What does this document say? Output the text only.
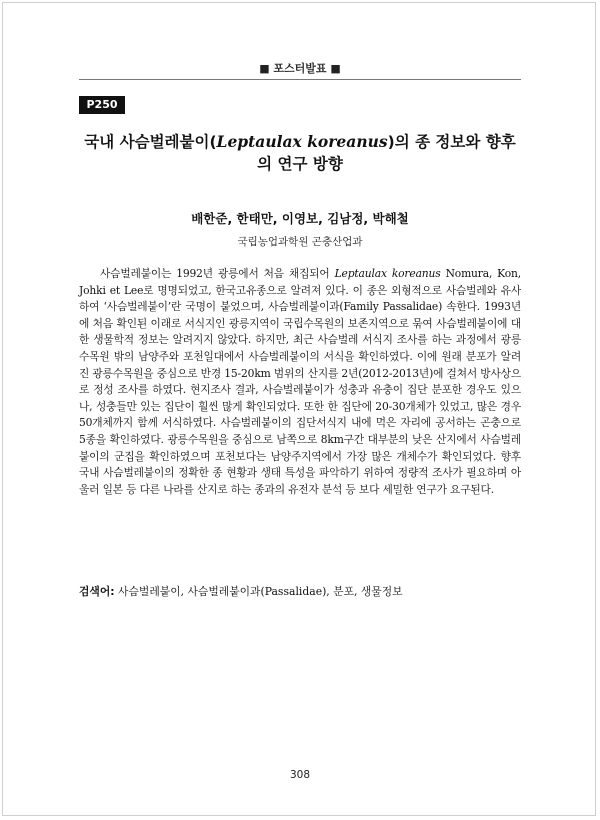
■ 포스터발표 ■
P250
국내 사슴벌레붙이(Leptaulax koreanus)의 종 정보와 향후의 연구 방향
배한준, 한태만, 이영보, 김남정, 박해철
국립농업과학원 곤충산업과
사슴벌레붙이는 1992년 광릉에서 처음 채집되어 Leptaulax koreanus Nomura, Kon, Johki et Lee로 명명되었고, 한국고유종으로 알려져 있다. 이 종은 외형적으로 사슴벌레와 유사하여 ‘사슴벌레붙이’란 국명이 붙었으며, 사슴벌레붙이과(Family Passalidae) 속한다. 1993년에 처음 확인된 이래로 서식지인 광릉지역이 국립수목원의 보존지역으로 묶여 사슴벌레붙이에 대한 생물학적 정보는 알려지지 않았다. 하지만, 최근 사슴벌레 서식지 조사를 하는 과정에서 광릉수목원 밖의 남양주와 포천일대에서 사슴벌레붙이의 서식을 확인하였다. 이에 원래 분포가 알려진 광릉수목원을 중심으로 반경 15-20km 범위의 산지를 2년(2012-2013년)에 걸쳐서 방사상으로 정성 조사를 하였다. 현지조사 결과, 사슴벌레붙이가 성충과 유충이 집단 분포한 경우도 있으나, 성충들만 있는 집단이 훨씬 많게 확인되었다. 또한 한 집단에 20-30개체가 있었고, 많은 경우 50개체까지 함께 서식하였다. 사슴벌레붙이의 집단서식지 내에 먹은 자리에 공서하는 곤충으로 5종을 확인하였다. 광릉수목원을 중심으로 남쪽으로 8km구간 대부분의 낮은 산지에서 사슴벌레붙이의 군집을 확인하였으며 포천보다는 남양주지역에서 가장 많은 개체수가 확인되었다. 향후 국내 사슴벌레붙이의 정확한 종 현황과 생태 특성을 파악하기 위하여 정량적 조사가 필요하며 아울러 일본 등 다른 나라를 산지로 하는 종과의 유전자 분석 등 보다 세밀한 연구가 요구된다.
검색어: 사슴벌레붙이, 사슴벌레붙이과(Passalidae), 분포, 생물정보
308
